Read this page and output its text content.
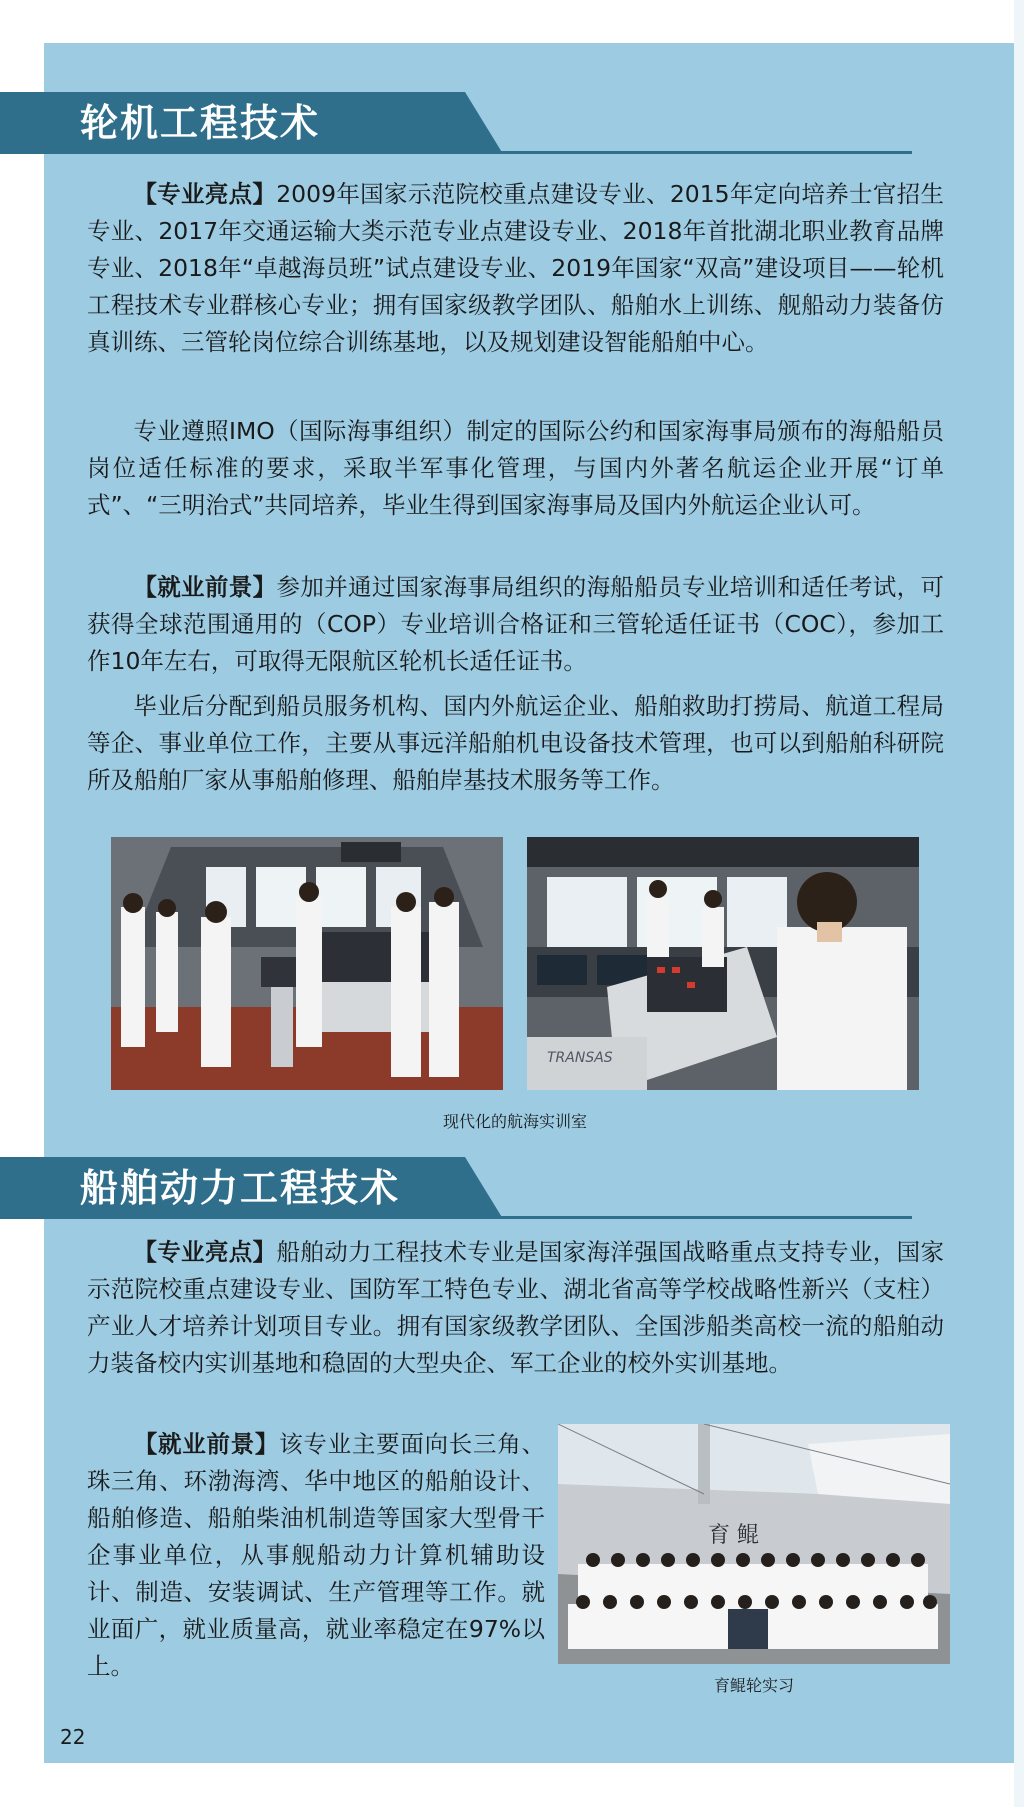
轮机工程技术

【专业亮点】2009年国家示范院校重点建设专业、2015年定向培养士官招生专业、2017年交通运输大类示范专业点建设专业、2018年首批湖北职业教育品牌专业、2018年“卓越海员班”试点建设专业、2019年国家“双高”建设项目——轮机工程技术专业群核心专业；拥有国家级教学团队、船舶水上训练、舰船动力装备仿真训练、三管轮岗位综合训练基地，以及规划建设智能船舶中心。

专业遵照IMO（国际海事组织）制定的国际公约和国家海事局颁布的海船船员岗位适任标准的要求，采取半军事化管理，与国内外著名航运企业开展“订单式”、“三明治式”共同培养，毕业生得到国家海事局及国内外航运企业认可。

【就业前景】参加并通过国家海事局组织的海船船员专业培训和适任考试，可获得全球范围通用的（COP）专业培训合格证和三管轮适任证书（COC），参加工作10年左右，可取得无限航区轮机长适任证书。

毕业后分配到船员服务机构、国内外航运企业、船舶救助打捞局、航道工程局等企、事业单位工作，主要从事远洋船舶机电设备技术管理，也可以到船舶科研院所及船舶厂家从事船舶修理、船舶岸基技术服务等工作。

TRANSAS
现代化的航海实训室
船舶动力工程技术

【专业亮点】船舶动力工程技术专业是国家海洋强国战略重点支持专业，国家示范院校重点建设专业、国防军工特色专业、湖北省高等学校战略性新兴（支柱）产业人才培养计划项目专业。拥有国家级教学团队、全国涉船类高校一流的船舶动力装备校内实训基地和稳固的大型央企、军工企业的校外实训基地。

【就业前景】该专业主要面向长三角、珠三角、环渤海湾、华中地区的船舶设计、船舶修造、船舶柴油机制造等国家大型骨干企事业单位，从事舰船动力计算机辅助设计、制造、安装调试、生产管理等工作。就业面广，就业质量高，就业率稳定在97%以上。

育 鲲
育鲲轮实习
22
